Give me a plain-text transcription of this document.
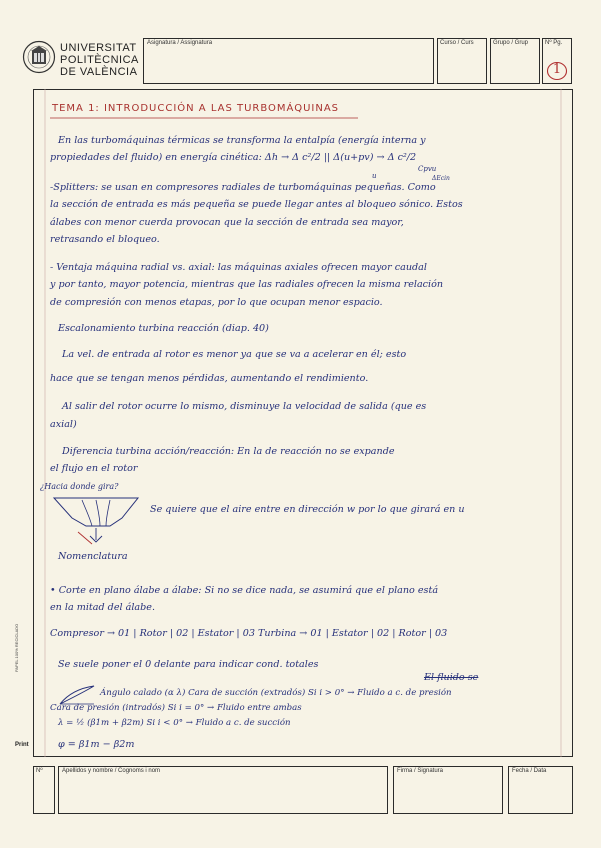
UNIVERSITAT
POLITÈCNICA
DE VALÈNCIA
Asignatura / Assignatura	Curso / Curs	Grupo / Grup	Nº Pg.
1
TEMA 1: INTRODUCCIÓN A LAS TURBOMÁQUINAS
En las turbomáquinas térmicas se transforma la entalpía (energía interna y
propiedades del fluido) en energía cinética: Δh → Δ c²/2 || Δ(u+pv) → Δ c²/2
Cpvu
u	ΔEcin
-Splitters: se usan en compresores radiales de turbomáquinas pequeñas. Como
la sección de entrada es más pequeña se puede llegar antes al bloqueo sónico. Estos
álabes con menor cuerda provocan que la sección de entrada sea mayor,
retrasando el bloqueo.
- Ventaja máquina radial vs. axial: las máquinas axiales ofrecen mayor caudal
y por tanto, mayor potencia, mientras que las radiales ofrecen la misma relación
de compresión con menos etapas, por lo que ocupan menor espacio.
Escalonamiento turbina reacción (diap. 40)
La vel. de entrada al rotor es menor ya que se va a acelerar en él; esto
hace que se tengan menos pérdidas, aumentando el rendimiento.
Al salir del rotor ocurre lo mismo, disminuye la velocidad de salida (que es
axial)
Diferencia turbina acción/reacción: En la de reacción no se expande
el flujo en el rotor
¿Hacia donde gira?
Se quiere que el aire entre en dirección w por lo que girará en u
Nomenclatura
• Corte en plano álabe a álabe: Si no se dice nada, se asumirá que el plano está
en la mitad del álabe.
Compresor → 01 | Rotor | 02 | Estator | 03 Turbina → 01 | Estator | 02 | Rotor | 03
Se suele poner el 0 delante para indicar cond. totales
El fluido se
Ángulo calado (α λ) Cara de succión (extradós) Si i > 0° → Fluido a c. de presión
Cara de presión (intradós) Si i = 0° → Fluido entre ambas
λ = ½ (β1m + β2m) Si i < 0° → Fluido a c. de succión
φ = β1m − β2m
PAPEL 100% RECICLADO
Print
Nº	Apellidos y nombre / Cognoms i nom	Firma / Signatura	Fecha / Data
